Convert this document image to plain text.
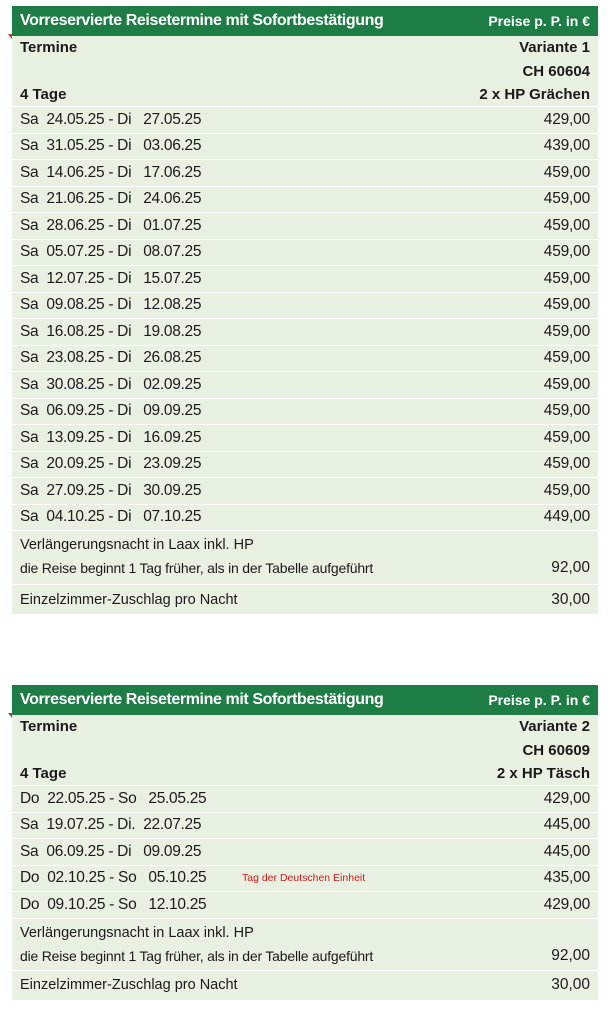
Vorreservierte Reisetermine mit Sofortbestätigung	Preise p. P. in €
Termine	Variante 1
CH 60604
4 Tage	2 x HP Grächen
Sa  24.05.25 - Di   27.05.25	429,00
Sa  31.05.25 - Di   03.06.25	439,00
Sa  14.06.25 - Di   17.06.25	459,00
Sa  21.06.25 - Di   24.06.25	459,00
Sa  28.06.25 - Di   01.07.25	459,00
Sa  05.07.25 - Di   08.07.25	459,00
Sa  12.07.25 - Di   15.07.25	459,00
Sa  09.08.25 - Di   12.08.25	459,00
Sa  16.08.25 - Di   19.08.25	459,00
Sa  23.08.25 - Di   26.08.25	459,00
Sa  30.08.25 - Di   02.09.25	459,00
Sa  06.09.25 - Di   09.09.25	459,00
Sa  13.09.25 - Di   16.09.25	459,00
Sa  20.09.25 - Di   23.09.25	459,00
Sa  27.09.25 - Di   30.09.25	459,00
Sa  04.10.25 - Di   07.10.25	449,00
Verlängerungsnacht in Laax inkl. HP
die Reise beginnt 1 Tag früher, als in der Tabelle aufgeführt	92,00
Einzelzimmer-Zuschlag pro Nacht	30,00
Vorreservierte Reisetermine mit Sofortbestätigung	Preise p. P. in €
Termine	Variante 2
CH 60609
4 Tage	2 x HP Täsch
Do  22.05.25 - So   25.05.25	429,00
Sa  19.07.25 - Di.  22.07.25	445,00
Sa  06.09.25 - Di   09.09.25	445,00
Do  02.10.25 - So   05.10.25	Tag der Deutschen Einheit	435,00
Do  09.10.25 - So   12.10.25	429,00
Verlängerungsnacht in Laax inkl. HP
die Reise beginnt 1 Tag früher, als in der Tabelle aufgeführt	92,00
Einzelzimmer-Zuschlag pro Nacht	30,00
